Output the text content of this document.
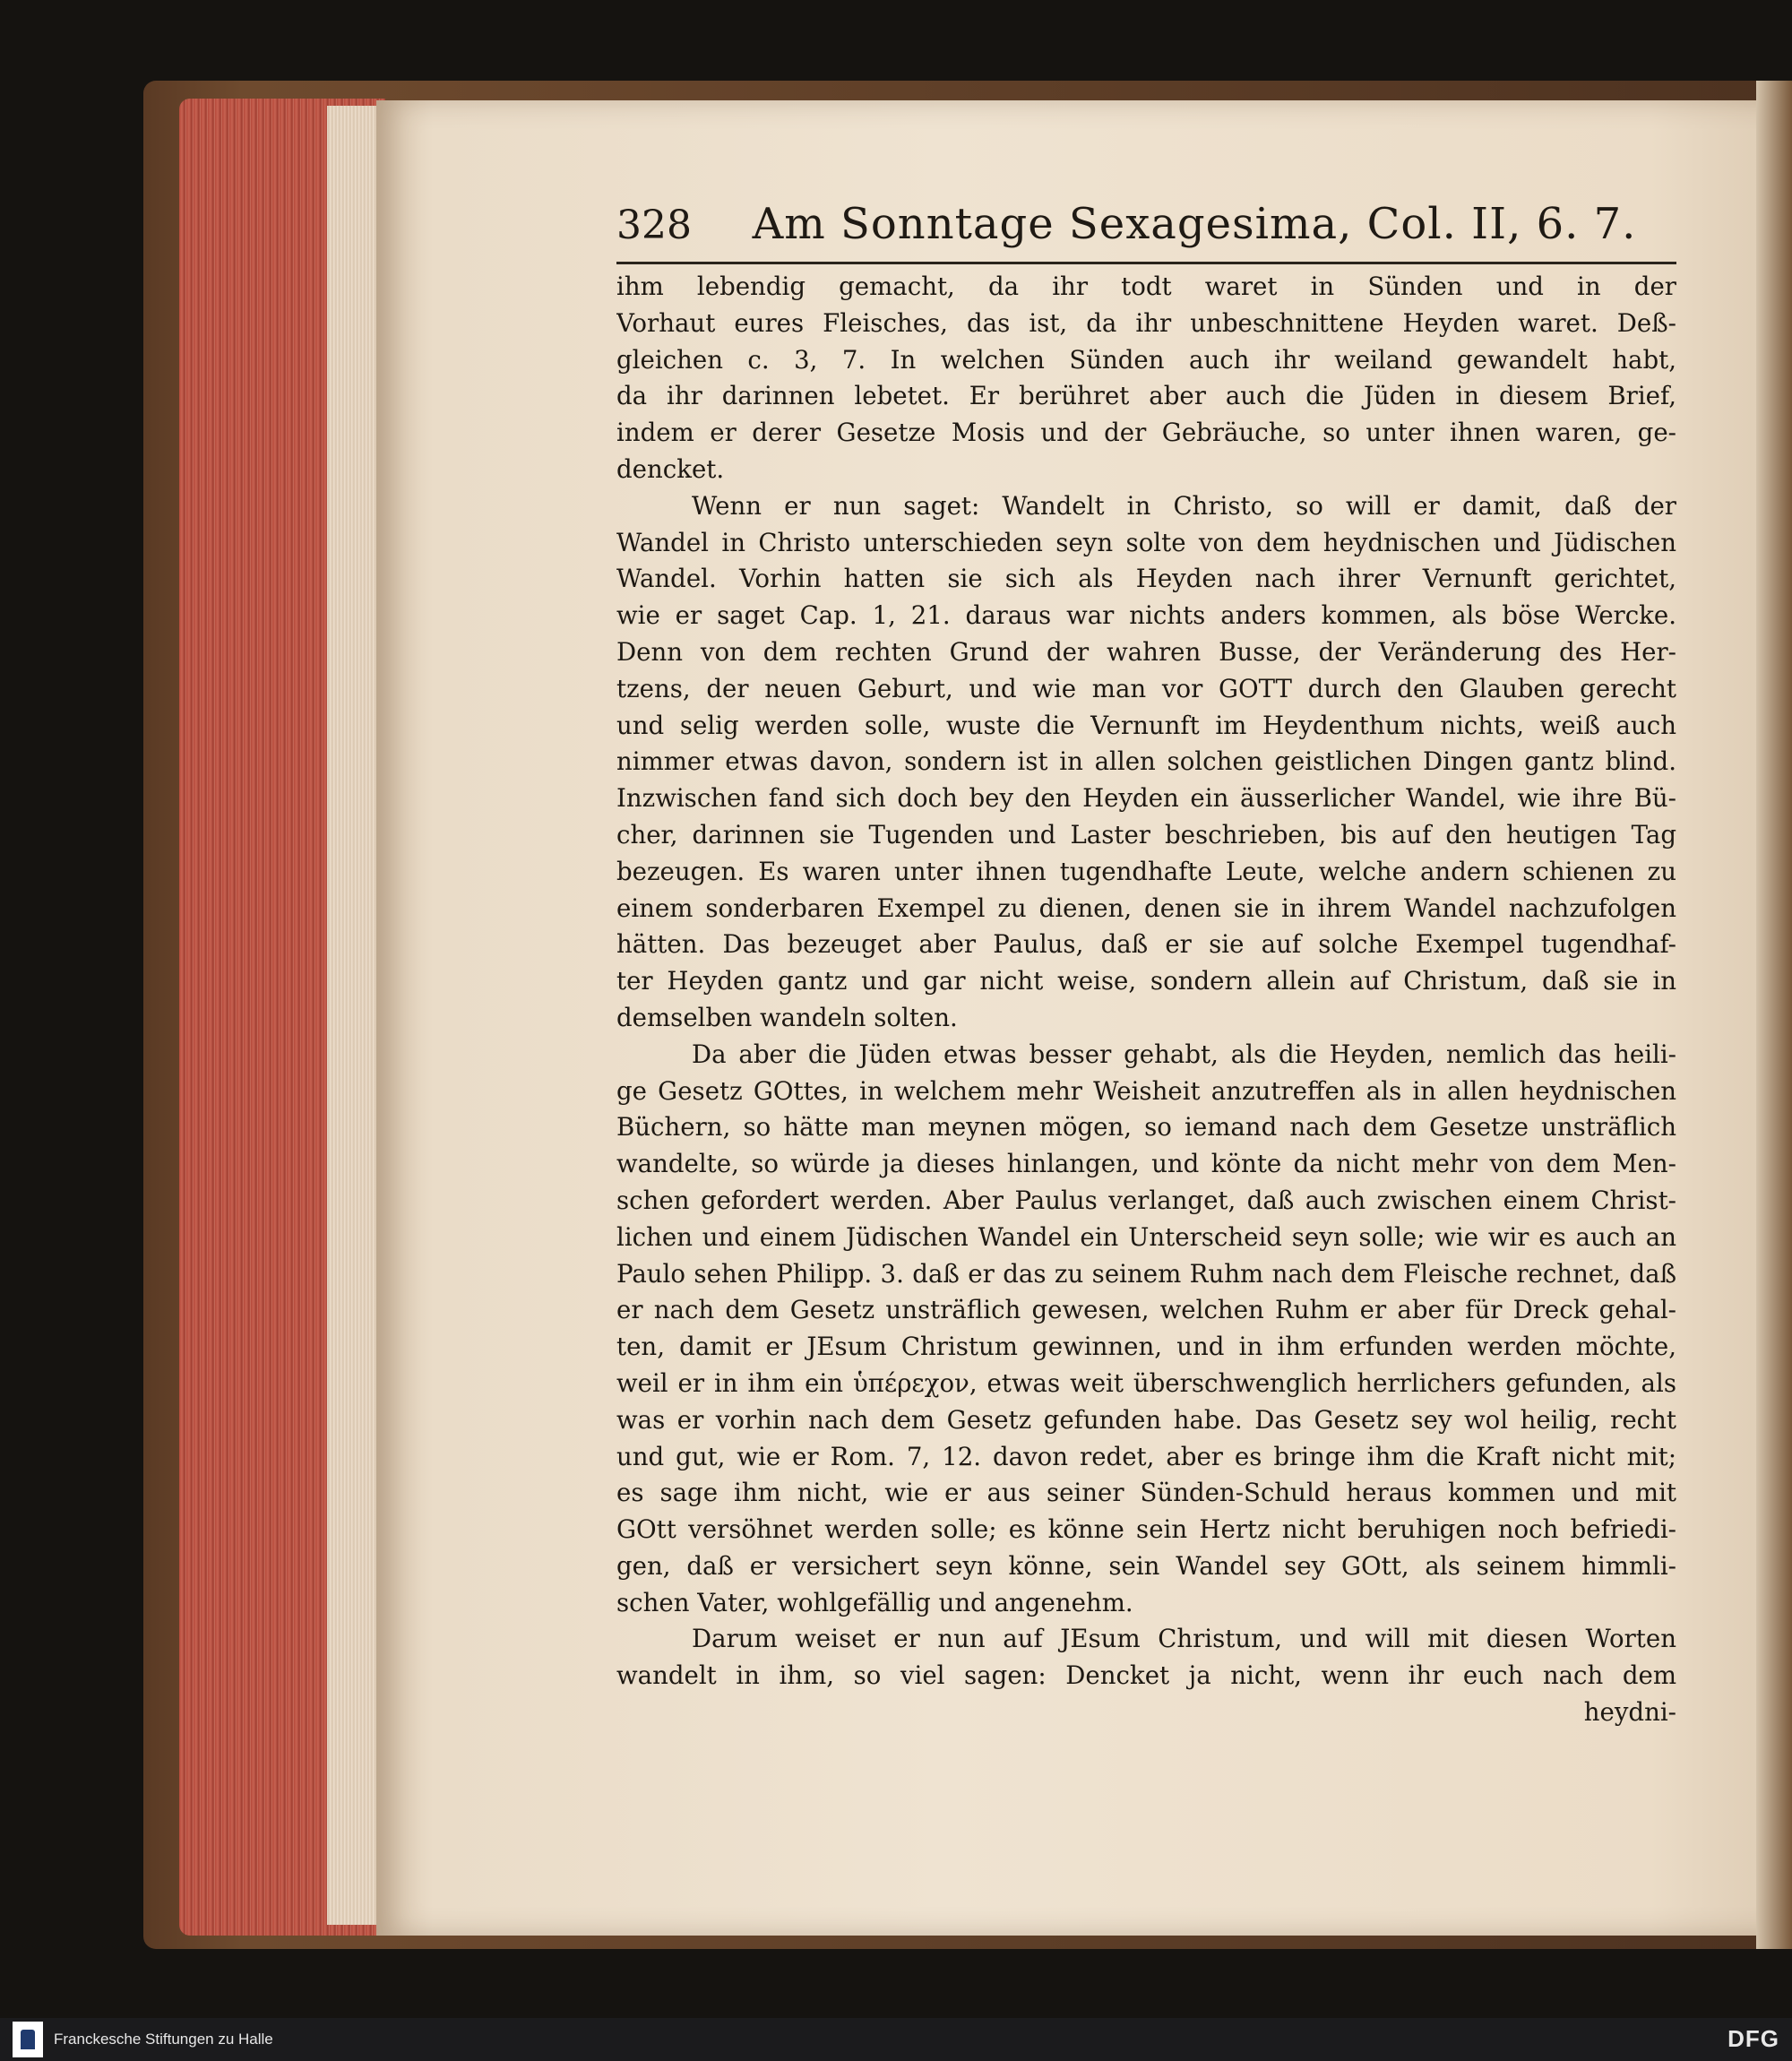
328	Am Sonntage Sexagesima, Col. II, 6. 7.
ihm lebendig gemacht, da ihr todt waret in Sünden und in der
Vorhaut eures Fleisches, das ist, da ihr unbeschnittene Heyden waret. Deß-
gleichen c. 3, 7. In welchen Sünden auch ihr weiland gewandelt habt,
da ihr darinnen lebetet. Er berühret aber auch die Jüden in diesem Brief,
indem er derer Gesetze Mosis und der Gebräuche, so unter ihnen waren, ge-
dencket.
Wenn er nun saget: Wandelt in Christo, so will er damit, daß der
Wandel in Christo unterschieden seyn solte von dem heydnischen und Jüdischen
Wandel. Vorhin hatten sie sich als Heyden nach ihrer Vernunft gerichtet,
wie er saget Cap. 1, 21. daraus war nichts anders kommen, als böse Wercke.
Denn von dem rechten Grund der wahren Busse, der Veränderung des Her-
tzens, der neuen Geburt, und wie man vor GOTT durch den Glauben gerecht
und selig werden solle, wuste die Vernunft im Heydenthum nichts, weiß auch
nimmer etwas davon, sondern ist in allen solchen geistlichen Dingen gantz blind.
Inzwischen fand sich doch bey den Heyden ein äusserlicher Wandel, wie ihre Bü-
cher, darinnen sie Tugenden und Laster beschrieben, bis auf den heutigen Tag
bezeugen. Es waren unter ihnen tugendhafte Leute, welche andern schienen zu
einem sonderbaren Exempel zu dienen, denen sie in ihrem Wandel nachzufolgen
hätten. Das bezeuget aber Paulus, daß er sie auf solche Exempel tugendhaf-
ter Heyden gantz und gar nicht weise, sondern allein auf Christum, daß sie in
demselben wandeln solten.
Da aber die Jüden etwas besser gehabt, als die Heyden, nemlich das heili-
ge Gesetz GOttes, in welchem mehr Weisheit anzutreffen als in allen heydnischen
Büchern, so hätte man meynen mögen, so iemand nach dem Gesetze unsträflich
wandelte, so würde ja dieses hinlangen, und könte da nicht mehr von dem Men-
schen gefordert werden. Aber Paulus verlanget, daß auch zwischen einem Christ-
lichen und einem Jüdischen Wandel ein Unterscheid seyn solle; wie wir es auch an
Paulo sehen Philipp. 3. daß er das zu seinem Ruhm nach dem Fleische rechnet, daß
er nach dem Gesetz unsträflich gewesen, welchen Ruhm er aber für Dreck gehal-
ten, damit er JEsum Christum gewinnen, und in ihm erfunden werden möchte,
weil er in ihm ein ὑπέρεχον, etwas weit überschwenglich herrlichers gefunden, als
was er vorhin nach dem Gesetz gefunden habe. Das Gesetz sey wol heilig, recht
und gut, wie er Rom. 7, 12. davon redet, aber es bringe ihm die Kraft nicht mit;
es sage ihm nicht, wie er aus seiner Sünden-Schuld heraus kommen und mit
GOtt versöhnet werden solle; es könne sein Hertz nicht beruhigen noch befriedi-
gen, daß er versichert seyn könne, sein Wandel sey GOtt, als seinem himmli-
schen Vater, wohlgefällig und angenehm.
Darum weiset er nun auf JEsum Christum, und will mit diesen Worten
wandelt in ihm, so viel sagen: Dencket ja nicht, wenn ihr euch nach dem
heydni-
Franckesche Stiftungen zu Halle	DFG
